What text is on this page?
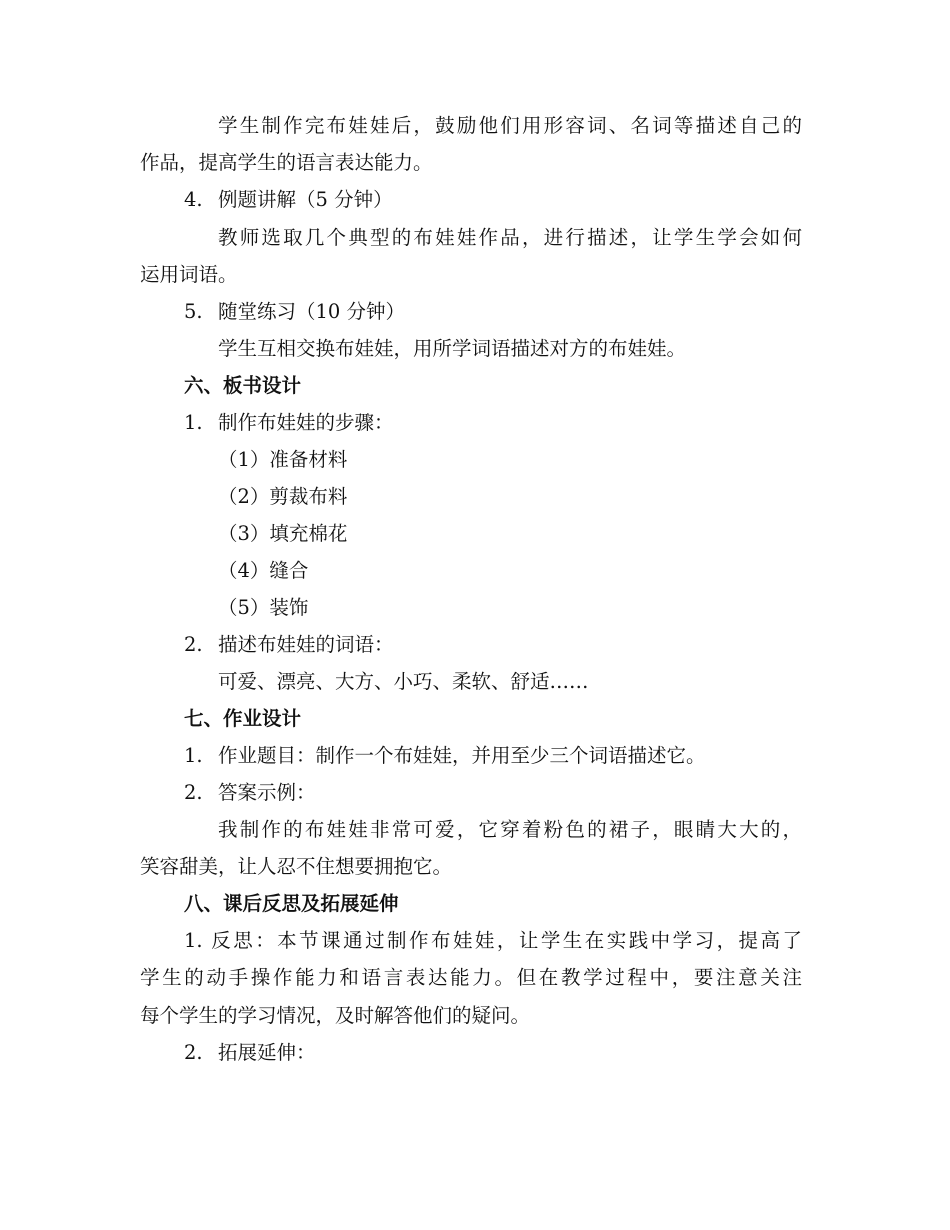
学生制作完布娃娃后，鼓励他们用形容词、名词等描述自己的
作品，提高学生的语言表达能力。
4. 例题讲解（5 分钟）
教师选取几个典型的布娃娃作品，进行描述，让学生学会如何
运用词语。
5. 随堂练习（10 分钟）
学生互相交换布娃娃，用所学词语描述对方的布娃娃。
六、板书设计
1. 制作布娃娃的步骤：
（1）准备材料
（2）剪裁布料
（3）填充棉花
（4）缝合
（5）装饰
2. 描述布娃娃的词语：
可爱、漂亮、大方、小巧、柔软、舒适……
七、作业设计
1. 作业题目：制作一个布娃娃，并用至少三个词语描述它。
2. 答案示例：
我制作的布娃娃非常可爱，它穿着粉色的裙子，眼睛大大的，
笑容甜美，让人忍不住想要拥抱它。
八、课后反思及拓展延伸
1. 反思：本节课通过制作布娃娃，让学生在实践中学习，提高了
学生的动手操作能力和语言表达能力。但在教学过程中，要注意关注
每个学生的学习情况，及时解答他们的疑问。
2. 拓展延伸：
